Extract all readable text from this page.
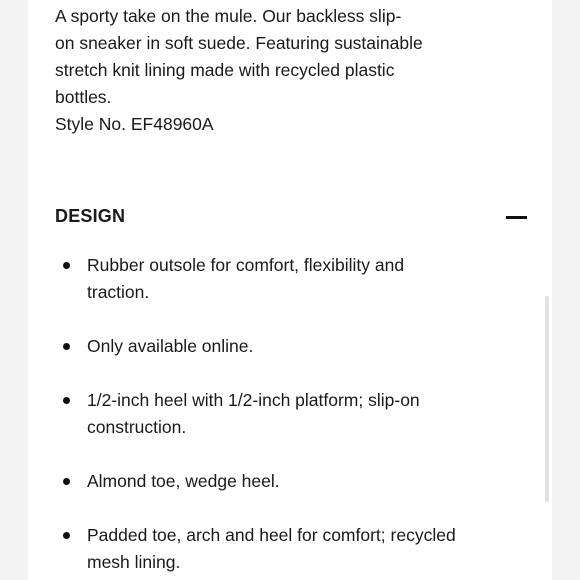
A sporty take on the mule. Our backless slip-

on sneaker in soft suede. Featuring sustainable

stretch knit lining made with recycled plastic

bottles.

Style No. EF48960A

DESIGN
Rubber outsole for comfort, flexibility and
traction.
Only available online.
1/2-inch heel with 1/2-inch platform; slip-on
construction.
Almond toe, wedge heel.
Padded toe, arch and heel for comfort; recycled
mesh lining.
